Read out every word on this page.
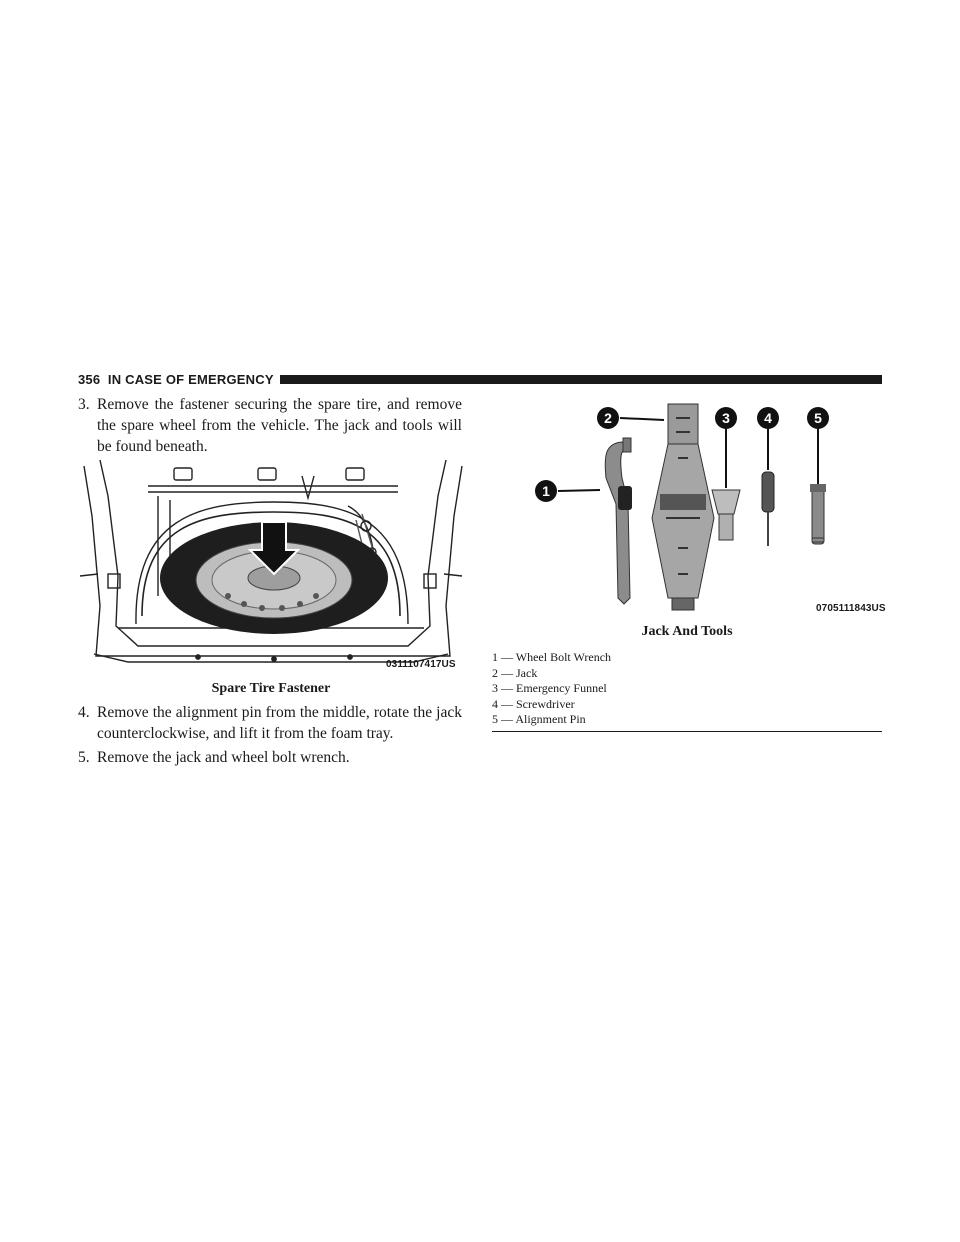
356 IN CASE OF EMERGENCY
3. Remove the fastener securing the spare tire, and remove the spare wheel from the vehicle. The jack and tools will be found beneath.
0311107417US
Spare Tire Fastener
4. Remove the alignment pin from the middle, rotate the jack counterclockwise, and lift it from the foam tray.
5. Remove the jack and wheel bolt wrench.
1
2	3 4	5
0705111843US
Jack And Tools
1 — Wheel Bolt Wrench
2 — Jack
3 — Emergency Funnel
4 — Screwdriver
5 — Alignment Pin
